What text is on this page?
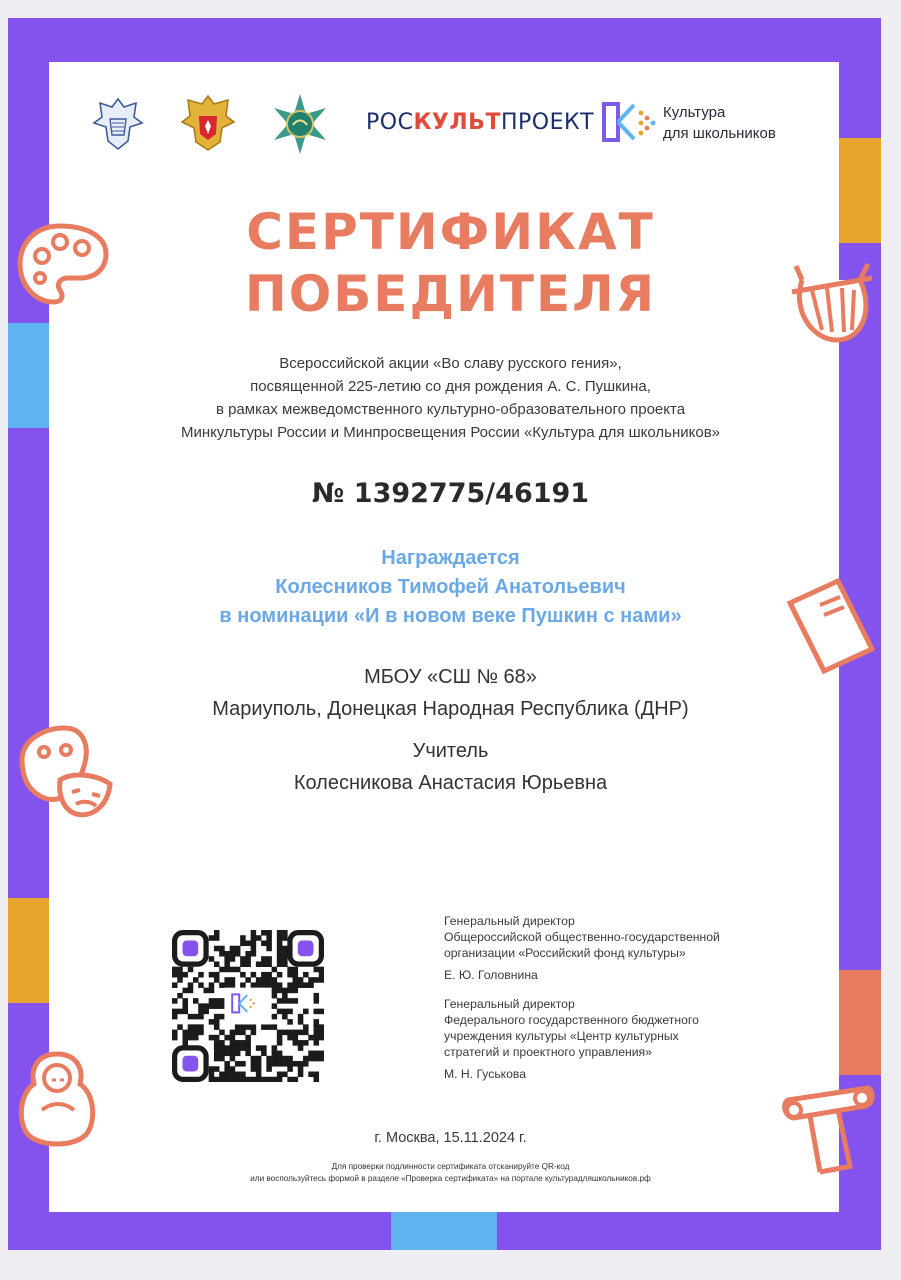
РОСКУЛЬТПРОЕКТ	Культура
для школьников
СЕРТИФИКАТ
ПОБЕДИТЕЛЯ
Всероссийской акции «Во славу русского гения»,
посвященной 225-летию со дня рождения А. С. Пушкина,
в рамках межведомственного культурно-образовательного проекта
Минкультуры России и Минпросвещения России «Культура для школьников»
№ 1392775/46191
Награждается
Колесников Тимофей Анатольевич
в номинации «И в новом веке Пушкин с нами»
МБОУ «СШ № 68»
Мариуполь, Донецкая Народная Республика (ДНР)
Учитель
Колесникова Анастасия Юрьевна

Генеральный директор

Общероссийской общественно-государственной

организации «Российский фонд культуры»

Е. Ю. Головнина

Генеральный директор

Федерального государственного бюджетного

учреждения культуры «Центр культурных

стратегий и проектного управления»

М. Н. Гуськова

г. Москва, 15.11.2024 г.
Для проверки подлинности сертификата отсканируйте QR-код
или воспользуйтесь формой в разделе «Проверка сертификата» на портале культурадляшкольников.рф
